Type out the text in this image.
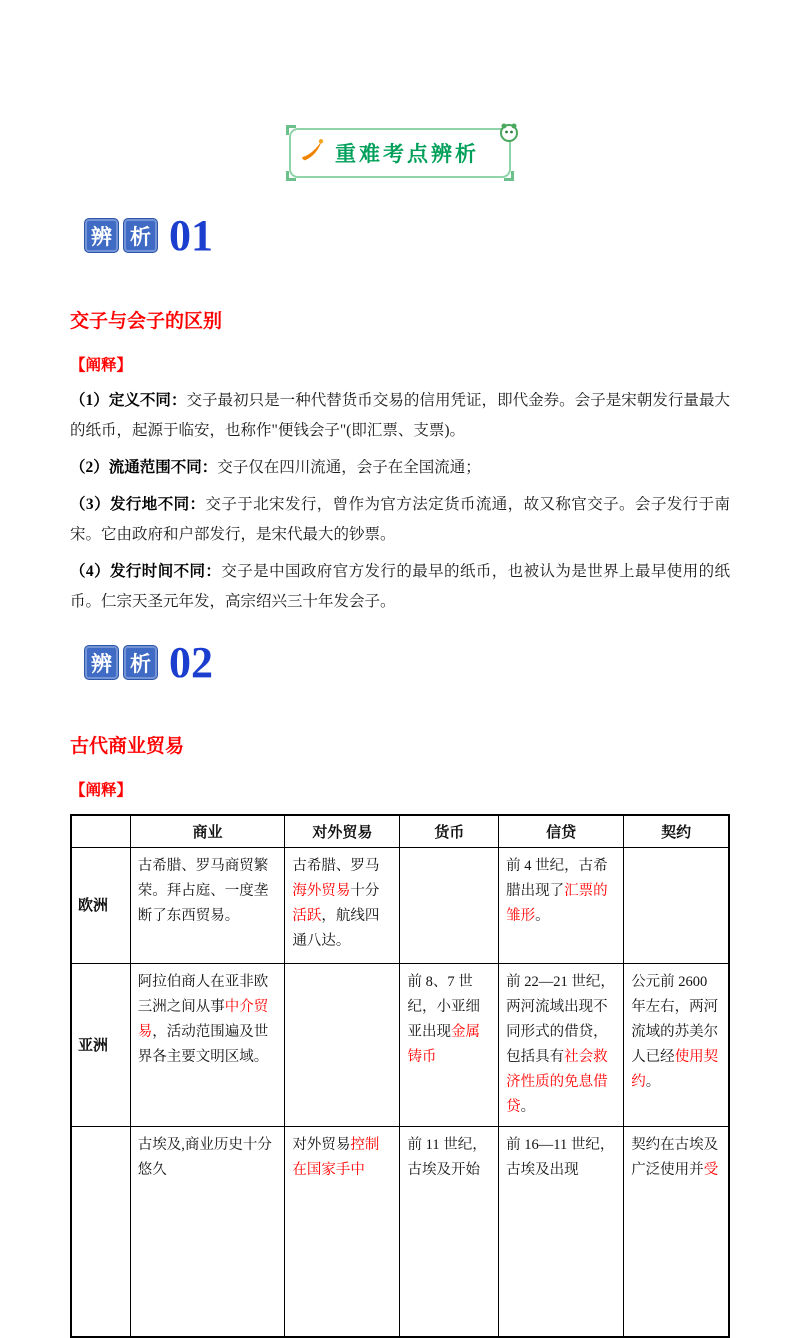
重难考点辨析
辨 析 01
交子与会子的区别
【阐释】

（1）定义不同：交子最初只是一种代替货币交易的信用凭证，即代金券。会子是宋朝发行量最大的纸币，起源于临安，也称作"便钱会子"(即汇票、支票)。

（2）流通范围不同：交子仅在四川流通，会子在全国流通；

（3）发行地不同：交子于北宋发行，曾作为官方法定货币流通，故又称官交子。会子发行于南宋。它由政府和户部发行，是宋代最大的钞票。

（4）发行时间不同：交子是中国政府官方发行的最早的纸币，也被认为是世界上最早使用的纸币。仁宗天圣元年发，高宗绍兴三十年发会子。

辨 析 02
古代商业贸易
【阐释】
	商业	对外贸易	货币	信贷	契约
欧洲	古希腊、罗马商贸繁荣。拜占庭、一度垄断了东西贸易。	古希腊、罗马海外贸易十分活跃，航线四通八达。		前 4 世纪，古希腊出现了汇票的雏形。	
亚洲	阿拉伯商人在亚非欧三洲之间从事中介贸易，活动范围遍及世界各主要文明区域。		前 8、7 世纪，小亚细亚出现金属铸币	前 22—21 世纪，两河流域出现不同形式的借贷，包括具有社会救济性质的免息借贷。	公元前 2600 年左右，两河流域的苏美尔人已经使用契约。
	古埃及,商业历史十分悠久	对外贸易控制在国家手中	前 11 世纪，古埃及开始	前 16—11 世纪，古埃及出现	契约在古埃及广泛使用并受
